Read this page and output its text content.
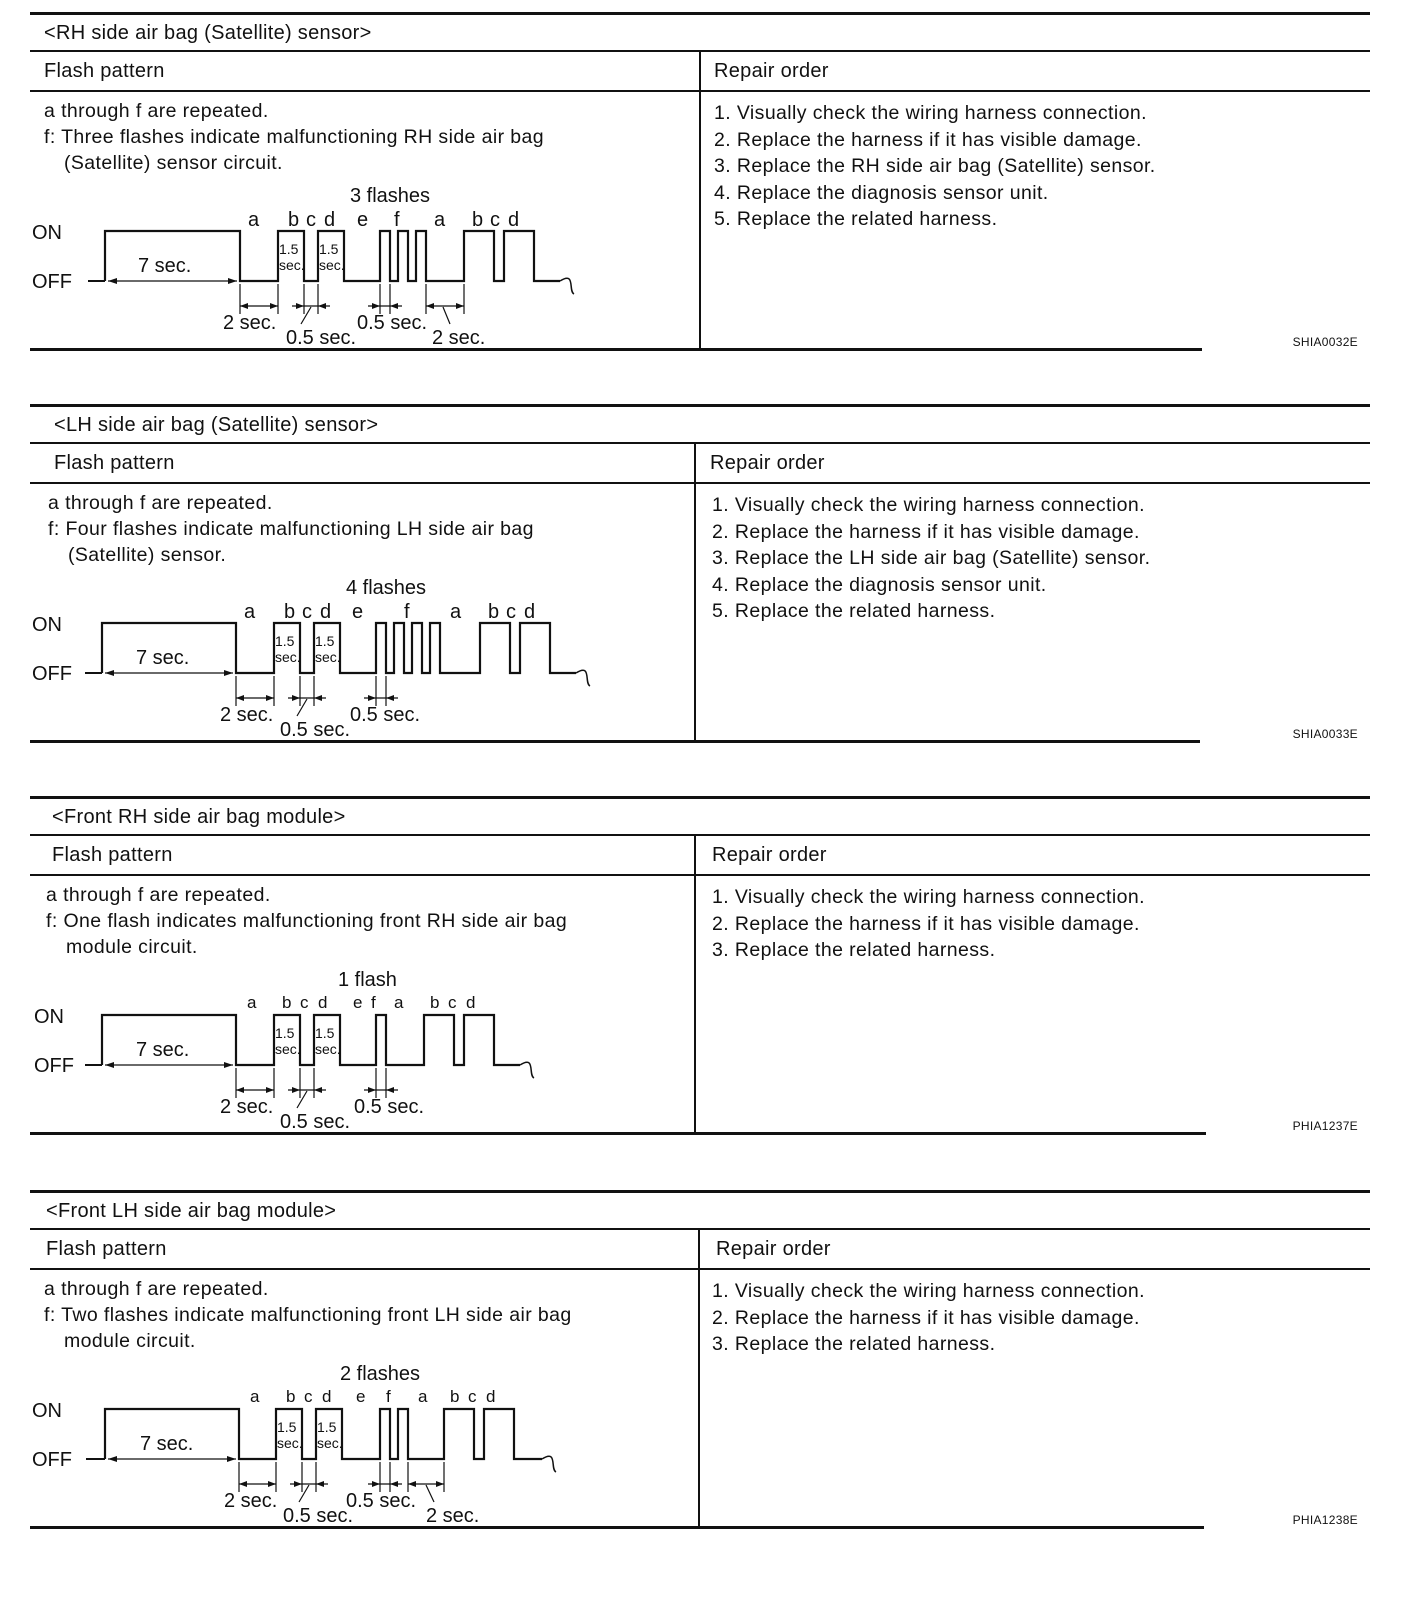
<RH side air bag (Satellite) sensor>
Flash pattern	Repair order
a through f are repeated.
f: Three flashes indicate malfunctioning RH side air bag
(Satellite) sensor circuit.
1. Visually check the wiring harness connection.
2. Replace the harness if it has visible damage.
3. Replace the RH side air bag (Satellite) sensor.
4. Replace the diagnosis sensor unit.
5. Replace the related harness.
SHIA0032E
3 flashes
a b c d e f a b c d
ON
OFF
7 sec.
1.5
sec.
1.5
sec.
2 sec.
0.5 sec.
0.5 sec.
2 sec.
<LH side air bag (Satellite) sensor>
Flash pattern	Repair order
a through f are repeated.
f: Four flashes indicate malfunctioning LH side air bag
(Satellite) sensor.
1. Visually check the wiring harness connection.
2. Replace the harness if it has visible damage.
3. Replace the LH side air bag (Satellite) sensor.
4. Replace the diagnosis sensor unit.
5. Replace the related harness.
SHIA0033E
4 flashes
a b c d e f a b c d
ON
OFF
7 sec.
1.5
sec.
1.5
sec.
2 sec.
0.5 sec.
0.5 sec.
<Front RH side air bag module>
Flash pattern	Repair order
a through f are repeated.
f: One flash indicates malfunctioning front RH side air bag
module circuit.
1. Visually check the wiring harness connection.
2. Replace the harness if it has visible damage.
3. Replace the related harness.
PHIA1237E
1 flash
a b c d e f a b c d
ON
OFF
7 sec.
1.5
sec.
1.5
sec.
2 sec.
0.5 sec.
0.5 sec.
<Front LH side air bag module>
Flash pattern	Repair order
a through f are repeated.
f: Two flashes indicate malfunctioning front LH side air bag
module circuit.
1. Visually check the wiring harness connection.
2. Replace the harness if it has visible damage.
3. Replace the related harness.
PHIA1238E
2 flashes
a b c d e f a b c d
ON
OFF
7 sec.
1.5
sec.
1.5
sec.
2 sec.
0.5 sec.
0.5 sec.
2 sec.
